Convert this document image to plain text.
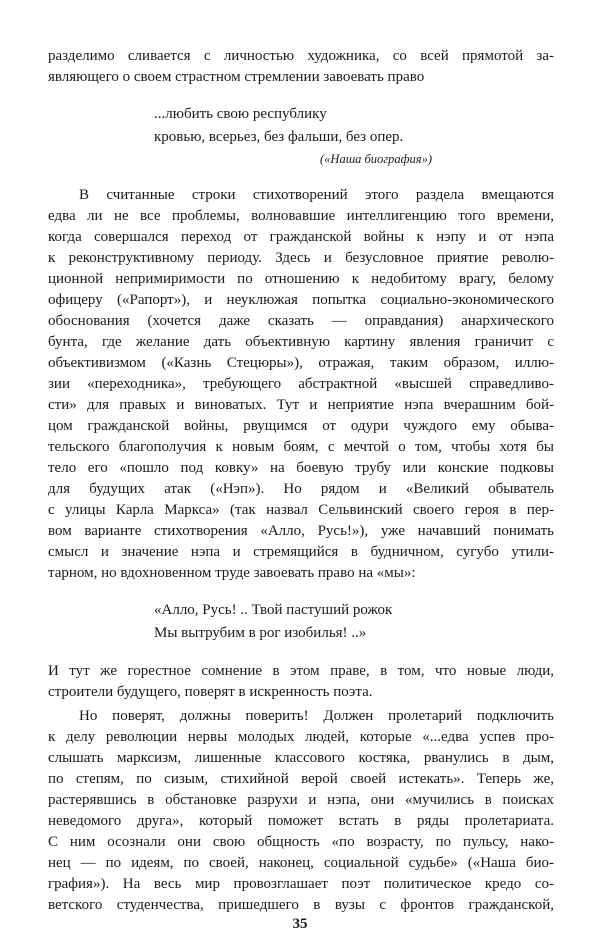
разделимо сливается с личностью художника, со всей прямотой за-
являющего о своем страстном стремлении завоевать право
...любить свою республику
кровью, всерьез, без фальши, без опер.
(«Наша биография»)
В считанные строки стихотворений этого раздела вмещаются
едва ли не все проблемы, волновавшие интеллигенцию того времени,
когда совершался переход от гражданской войны к нэпу и от нэпа
к реконструктивному периоду. Здесь и безусловное приятие револю-
ционной непримиримости по отношению к недобитому врагу, белому
офицеру («Рапорт»), и неуклюжая попытка социально-экономического
обоснования (хочется даже сказать — оправдания) анархического
бунта, где желание дать объективную картину явления граничит с
объективизмом («Казнь Стецюры»), отражая, таким образом, иллю-
зии «переходника», требующего абстрактной «высшей справедливо-
сти» для правых и виноватых. Тут и неприятие нэпа вчерашним бой-
цом гражданской войны, рвущимся от одури чуждого ему обыва-
тельского благополучия к новым боям, с мечтой о том, чтобы хотя бы
тело его «пошло под ковку» на боевую трубу или конские подковы
для будущих атак («Нэп»). Но рядом и «Великий обыватель
с улицы Карла Маркса» (так назвал Сельвинский своего героя в пер-
вом варианте стихотворения «Алло, Русь!»), уже начавший понимать
смысл и значение нэпа и стремящийся в будничном, сугубо утили-
тарном, но вдохновенном труде завоевать право на «мы»:
«Алло, Русь! .. Твой пастуший рожок
Мы вытрубим в рог изобилья! ..»
И тут же горестное сомнение в этом праве, в том, что новые люди,
строители будущего, поверят в искренность поэта.
Но поверят, должны поверить! Должен пролетарий подключить
к делу революции нервы молодых людей, которые «...едва успев про-
слышать марксизм, лишенные классового костяка, рванулись в дым,
по степям, по сизым, стихийной верой своей истекать». Теперь же,
растерявшись в обстановке разрухи и нэпа, они «мучились в поисках
неведомого друга», который поможет встать в ряды пролетариата.
С ним осознали они свою общность «по возрасту, по пульсу, нако-
нец — по идеям, по своей, наконец, социальной судьбе» («Наша био-
графия»). На весь мир провозглашает поэт политическое кредо со-
ветского студенчества, пришедшего в вузы с фронтов гражданской,
35
